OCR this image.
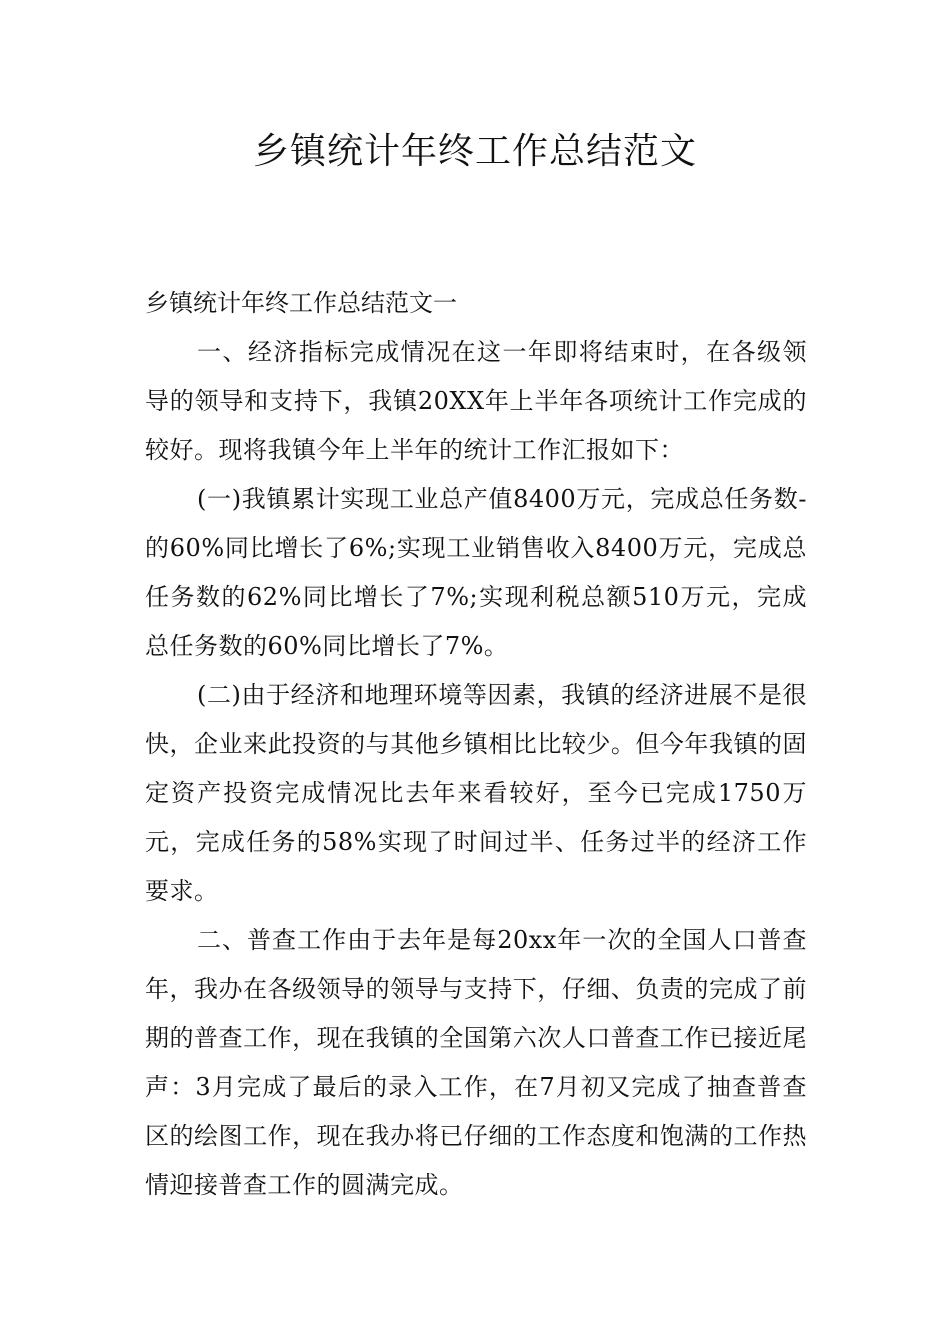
乡镇统计年终工作总结范文

乡镇统计年终工作总结范文一

一、经济指标完成情况在这一年即将结束时，在各级领导的领导和支持下，我镇20XX年上半年各项统计工作完成的较好。现将我镇今年上半年的统计工作汇报如下：

(一)我镇累计实现工业总产值8400万元，完成总任务数-的60%同比增长了6%;实现工业销售收入8400万元，完成总任务数的62%同比增长了7%;实现利税总额510万元，完成总任务数的60%同比增长了7%。

(二)由于经济和地理环境等因素，我镇的经济进展不是很快，企业来此投资的与其他乡镇相比比较少。但今年我镇的固定资产投资完成情况比去年来看较好，至今已完成1750万元，完成任务的58%实现了时间过半、任务过半的经济工作要求。

二、普查工作由于去年是每20xx年一次的全国人口普查年，我办在各级领导的领导与支持下，仔细、负责的完成了前期的普查工作，现在我镇的全国第六次人口普查工作已接近尾声：3月完成了最后的录入工作，在7月初又完成了抽查普查区的绘图工作，现在我办将已仔细的工作态度和饱满的工作热情迎接普查工作的圆满完成。
